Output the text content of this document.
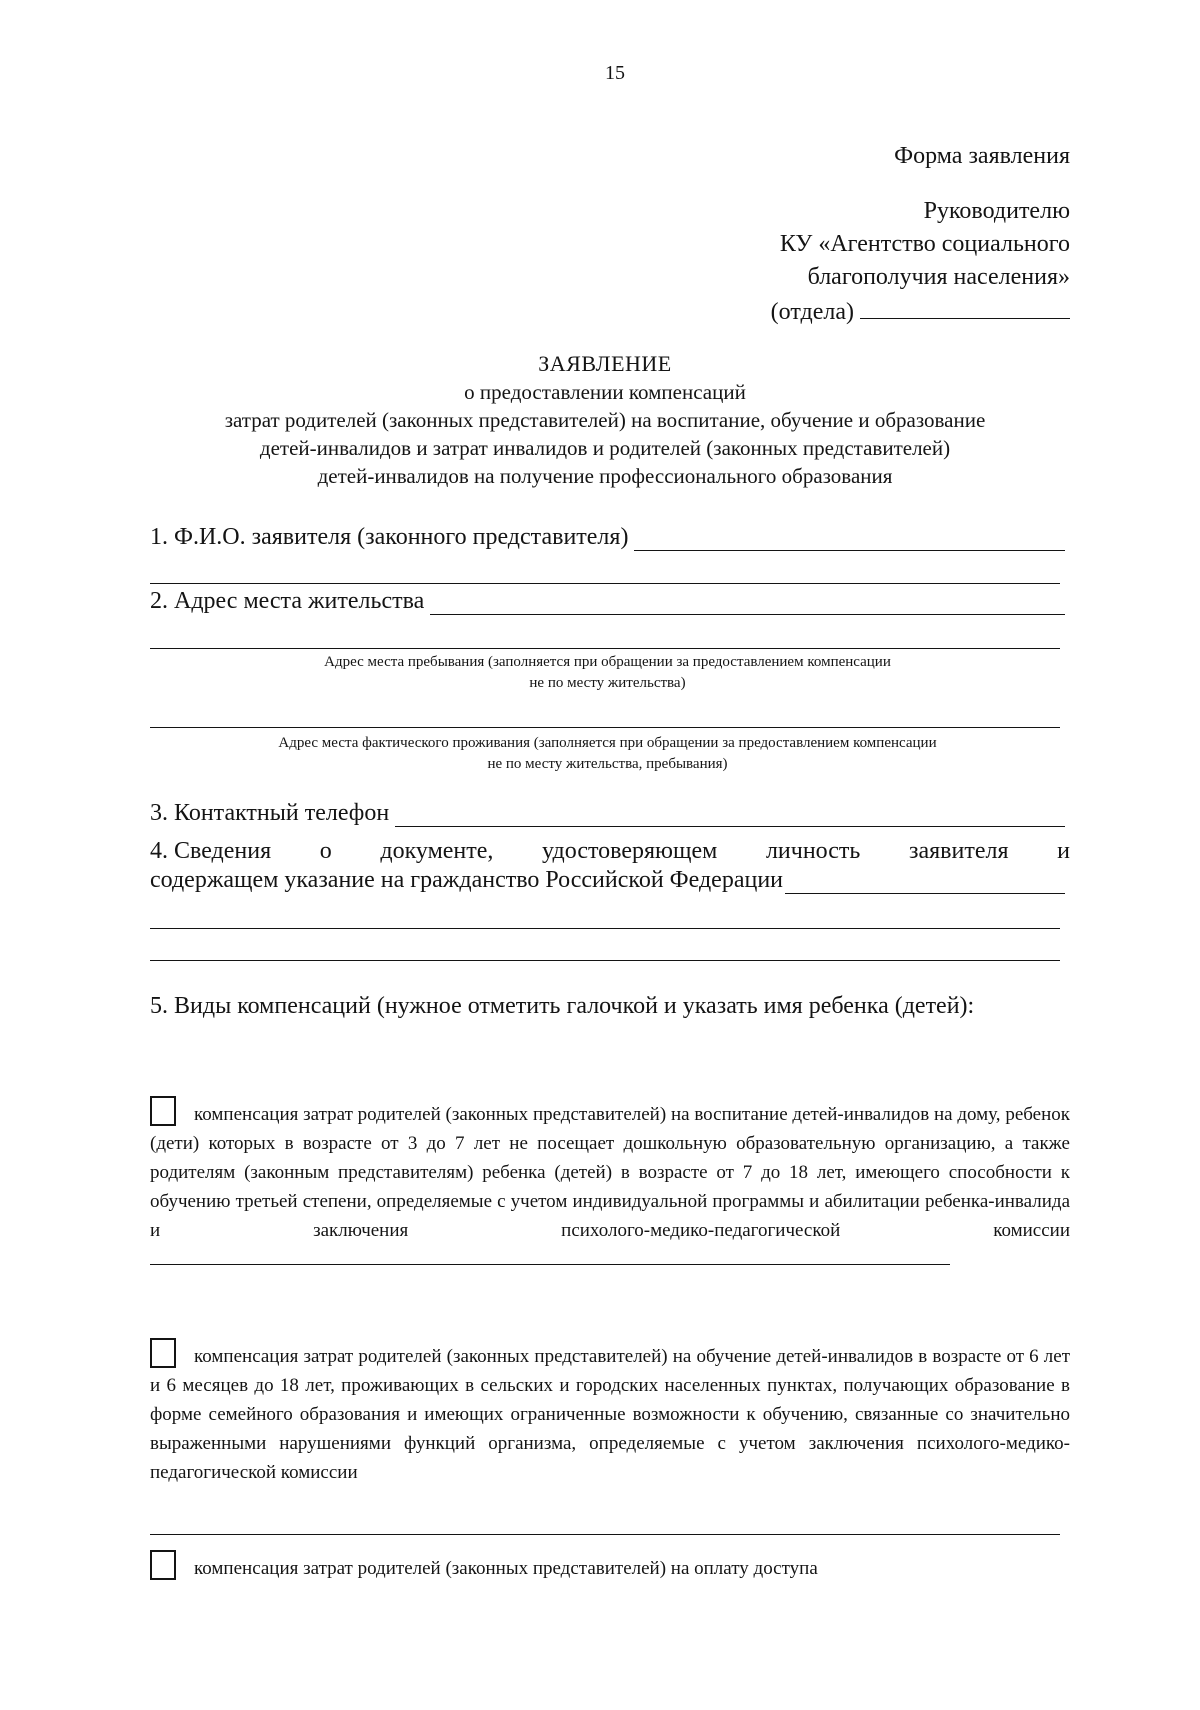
15
Форма заявления
Руководителю
КУ «Агентство социального
благополучия населения»
(отдела)
ЗАЯВЛЕНИЕ
о предоставлении компенсаций
затрат родителей (законных представителей) на воспитание, обучение и образование
детей-инвалидов и затрат инвалидов и родителей (законных представителей)
детей-инвалидов на получение профессионального образования
1. Ф.И.О. заявителя (законного представителя)
2. Адрес места жительства
Адрес места пребывания (заполняется при обращении за предоставлением компенсации
не по месту жительства)
Адрес места фактического проживания (заполняется при обращении за предоставлением компенсации
не по месту жительства, пребывания)
3. Контактный телефон
4. Сведения о документе, удостоверяющем личность заявителя и
содержащем указание на гражданство Российской Федерации
5. Виды компенсаций (нужное отметить галочкой и указать имя ребенка (детей):
компенсация затрат родителей (законных представителей) на воспитание детей-инвалидов на дому, ребенок (дети) которых в возрасте от 3 до 7 лет не посещает дошкольную образовательную организацию, а также родителям (законным представителям) ребенка (детей) в возрасте от 7 до 18 лет, имеющего способности к обучению третьей степени, определяемые с учетом индивидуальной программы и абилитации ребенка-инвалида и заключения психолого-медико-педагогической комиссии
компенсация затрат родителей (законных представителей) на обучение детей-инвалидов в возрасте от 6 лет и 6 месяцев до 18 лет, проживающих в сельских и городских населенных пунктах, получающих образование в форме семейного образования и имеющих ограниченные возможности к обучению, связанные со значительно выраженными нарушениями функций организма, определяемые с учетом заключения психолого-медико-педагогической комиссии
компенсация затрат родителей (законных представителей) на оплату доступа
